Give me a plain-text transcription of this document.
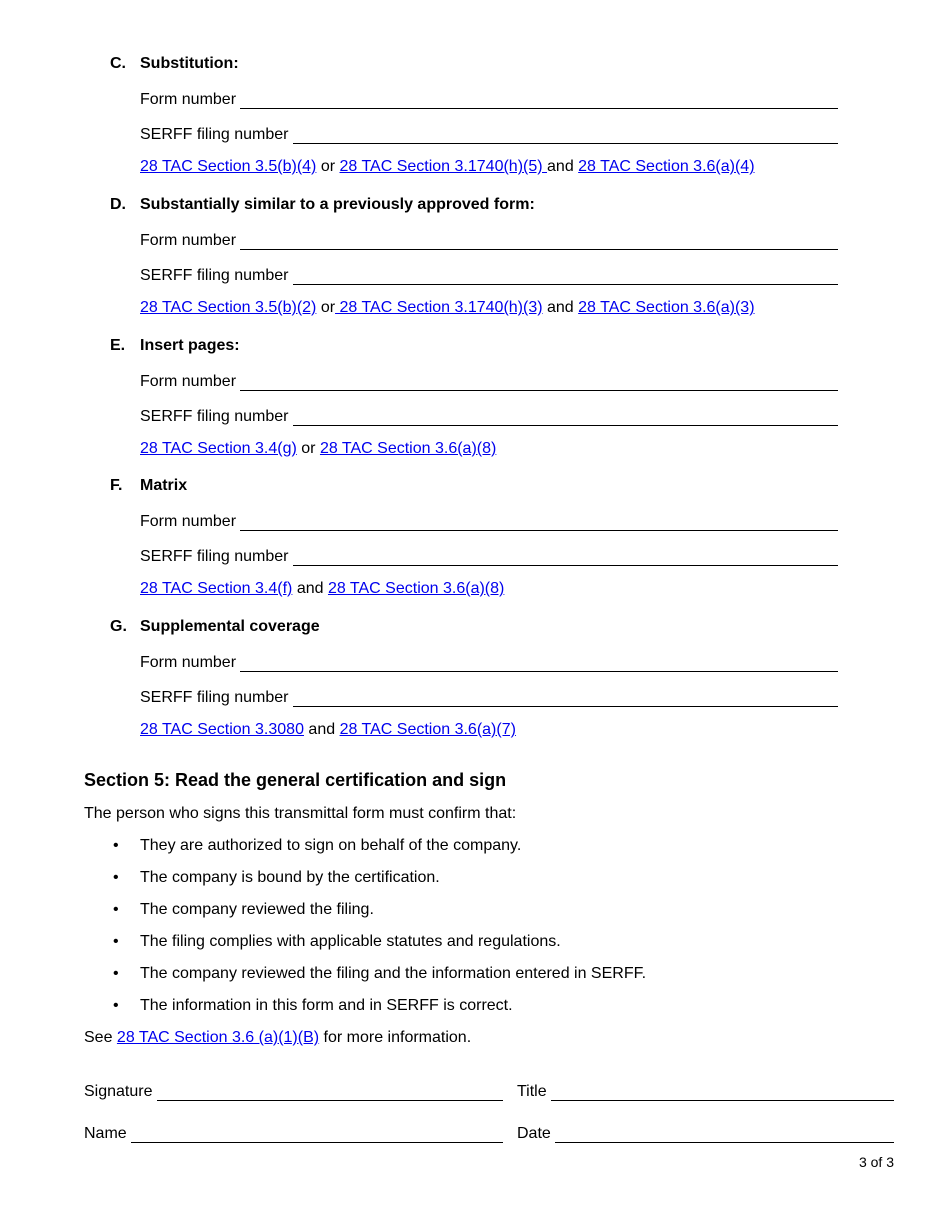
C. Substitution:
Form number
SERFF filing number
28 TAC Section 3.5(b)(4) or 28 TAC Section 3.1740(h)(5) and 28 TAC Section 3.6(a)(4)
D. Substantially similar to a previously approved form:
Form number
SERFF filing number
28 TAC Section 3.5(b)(2) or 28 TAC Section 3.1740(h)(3) and 28 TAC Section 3.6(a)(3)
E. Insert pages:
Form number
SERFF filing number
28 TAC Section 3.4(g) or 28 TAC Section 3.6(a)(8)
F.	Matrix
Form number
SERFF filing number
28 TAC Section 3.4(f) and 28 TAC Section 3.6(a)(8)
G. Supplemental coverage
Form number
SERFF filing number
28 TAC Section 3.3080 and 28 TAC Section 3.6(a)(7)
Section 5: Read the general certification and sign
The person who signs this transmittal form must confirm that:
• They are authorized to sign on behalf of the company.
• The company is bound by the certification.
• The company reviewed the filing.
• The filing complies with applicable statutes and regulations.
• The company reviewed the filing and the information entered in SERFF.
• The information in this form and in SERFF is correct.
See 28 TAC Section 3.6 (a)(1)(B) for more information.
Signature	Title
Name	Date
3 of 3
